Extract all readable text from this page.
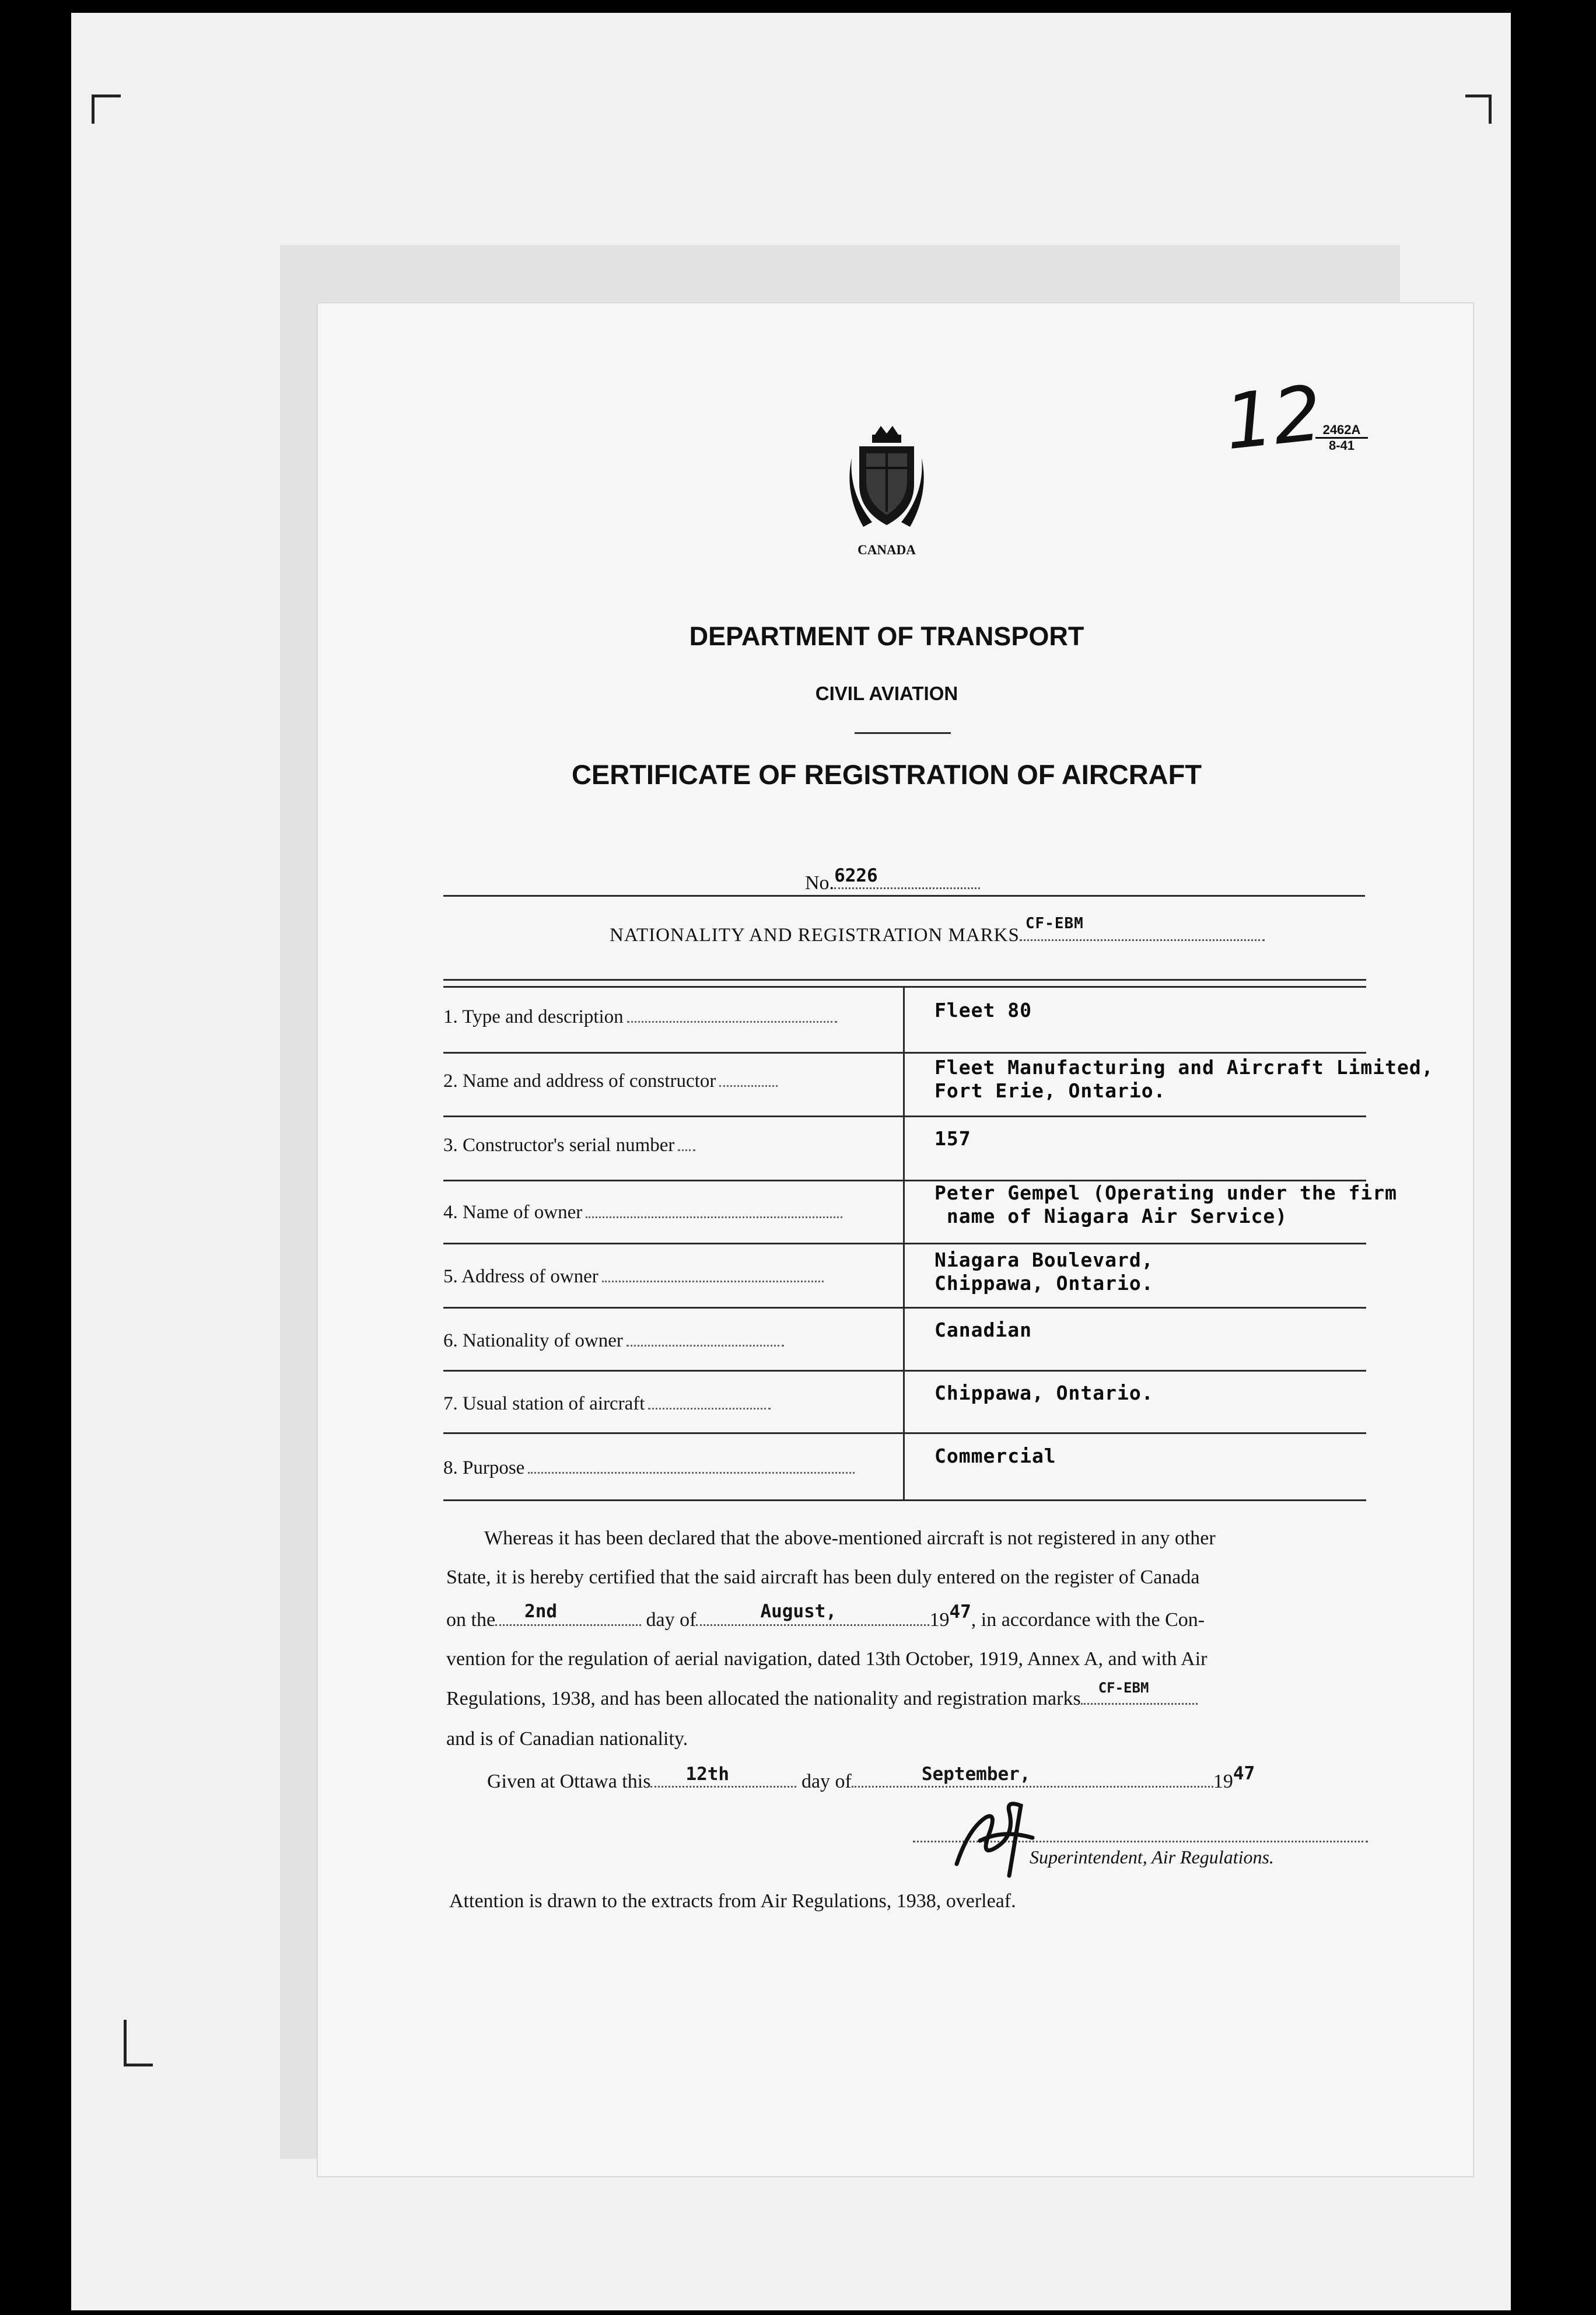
2462A
8-41
12
CANADA
DEPARTMENT OF TRANSPORT
CIVIL AVIATION
CERTIFICATE OF REGISTRATION OF AIRCRAFT
No. 6226
NATIONALITY AND REGISTRATION MARKS
CF-EBM
1. Type and description	Fleet 80
2. Name and address of constructor
Fleet Manufacturing and Aircraft Limited,
Fort Erie, Ontario.
3. Constructor's serial number	157
4. Name of owner
Peter Gempel (Operating under the firm
name of Niagara Air Service)
5. Address of owner
Niagara Boulevard,
Chippawa, Ontario.
6. Nationality of owner	Canadian
7. Usual station of aircraft	Chippawa, Ontario.
8. Purpose
Commercial
Whereas it has been declared that the above-mentioned aircraft is not registered in any other
State, it is hereby certified that the said aircraft has been duly entered on the register of Canada
on the 2nd	day of	August,	1947, in accordance with the Con-
vention for the regulation of aerial navigation, dated 13th October, 1919, Annex A, and with Air
Regulations, 1938, and has been allocated the nationality and registration marks CF-EBM
and is of Canadian nationality.
Given at Ottawa this 12th	day of	September,	1947
Superintendent, Air Regulations.
Attention is drawn to the extracts from Air Regulations, 1938, overleaf.
